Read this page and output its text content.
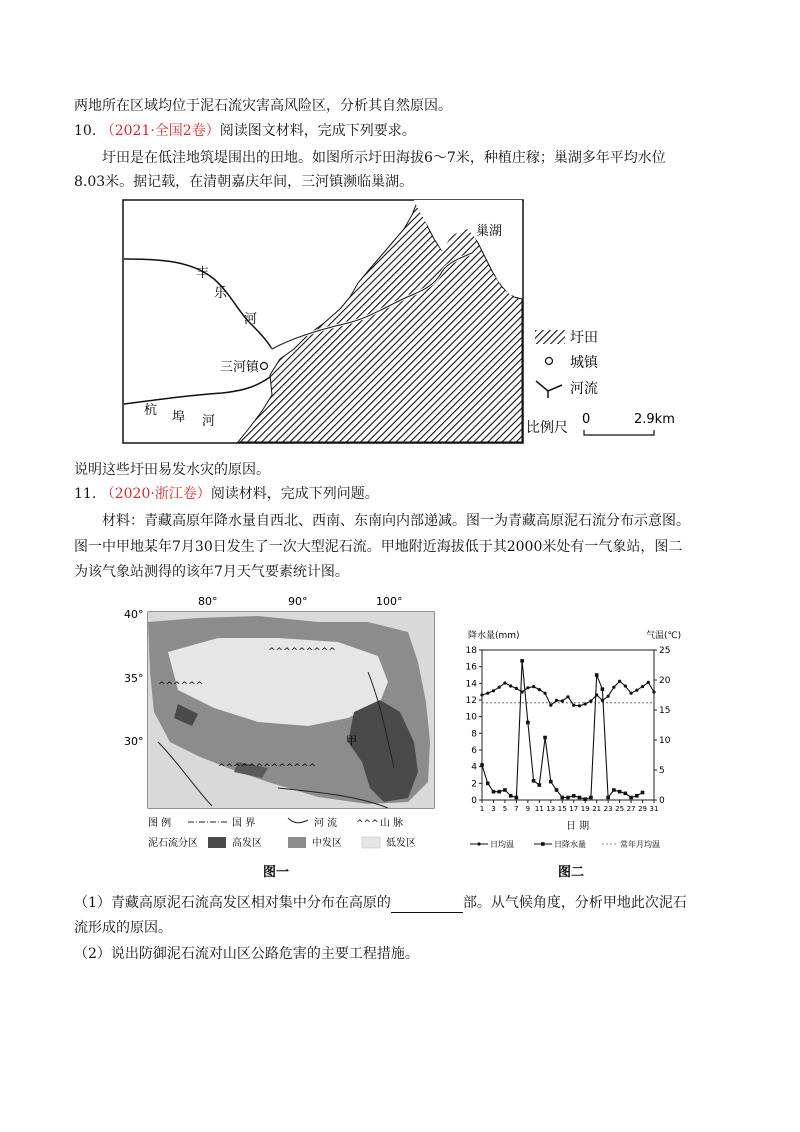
两地所在区域均位于泥石流灾害高风险区，分析其自然原因。
10. （2021·全国2卷）阅读图文材料，完成下列要求。
圩田是在低洼地筑堤围出的田地。如图所示圩田海拔6～7米，种植庄稼；巢湖多年平均水位
8.03米。据记载，在清朝嘉庆年间，三河镇濒临巢湖。
三河镇
巢湖
丰
乐
河
杭 埠 河
圩田
城镇
河流
比例尺
0	2.9km
说明这些圩田易发水灾的原因。
11. （2020·浙江卷）阅读材料，完成下列问题。
材料：青藏高原年降水量自西北、西南、东南向内部递减。图一为青藏高原泥石流分布示意图。
图一中甲地某年7月30日发生了一次大型泥石流。甲地附近海拔低于其2000米处有一气象站，图二
为该气象站测得的该年7月天气要素统计图。
80°	90°	100°
40°
35°
30°
^^^^^^^^^
^^^^^^
^^^^^^^^^^^^^
甲
图 例	国 界	河 流 ^^^ 山 脉
泥石流分区	高发区	中发区	低发区
图一
降水量(mm)	气温(℃)
0
2
4
6
8
10
12
14
16
18
0
5
10
15
20
25
1 3 5 7 9 11 13 15 17 19 21 23 25 27 29 31
日 期
日均温	日降水量	常年月均温
图二
（1）青藏高原泥石流高发区相对集中分布在高原的	部。从气候角度，分析甲地此次泥石
流形成的原因。
（2）说出防御泥石流对山区公路危害的主要工程措施。
